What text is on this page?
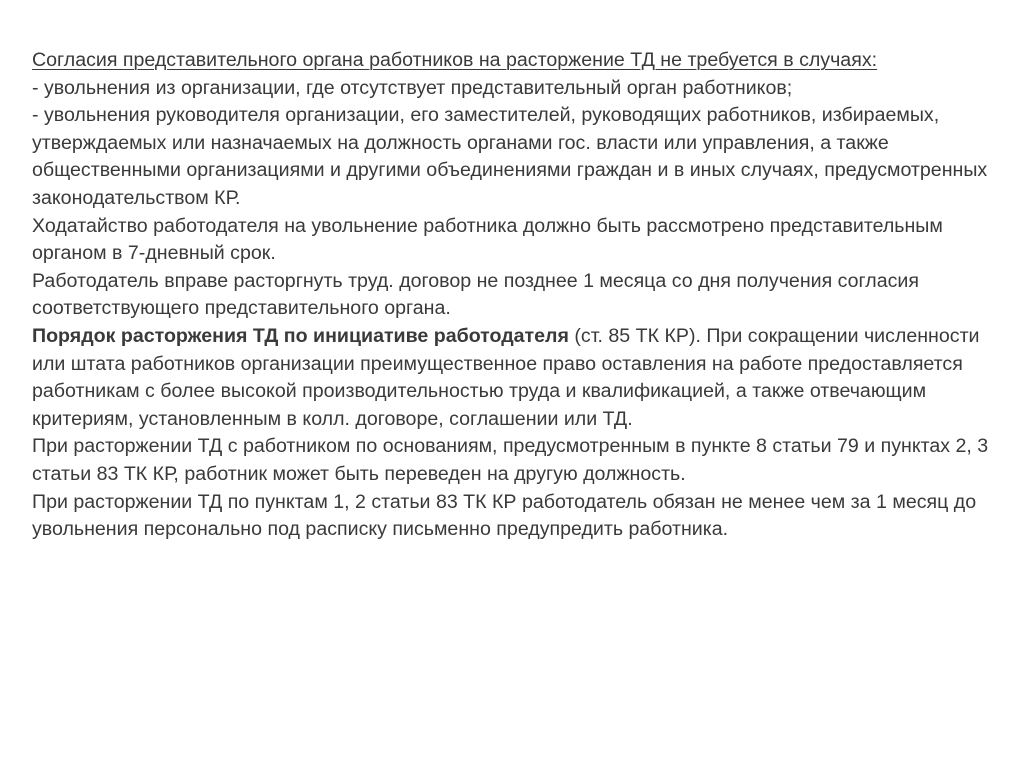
Согласия представительного органа работников на расторжение ТД не требуется в случаях:

- увольнения из организации, где отсутствует представительный орган работников;

- увольнения руководителя организации, его заместителей, руководящих работников, избираемых, утверждаемых или назначаемых на должность органами гос. власти или управления, а также общественными организациями и другими объединениями граждан и в иных случаях, предусмотренных законодательством КР.

Ходатайство работодателя на увольнение работника должно быть рассмотрено представительным органом в 7-дневный срок.

Работодатель вправе расторгнуть труд. договор не позднее 1 месяца со дня получения согласия соответствующего представительного органа.

Порядок расторжения ТД по инициативе работодателя (ст. 85 ТК КР). При сокращении численности или штата работников организации преимущественное право оставления на работе предоставляется работникам с более высокой производительностью труда и квалификацией, а также отвечающим критериям, установленным в колл. договоре, соглашении или ТД.

При расторжении ТД с работником по основаниям, предусмотренным в пункте 8 статьи 79 и пунктах 2, 3 статьи 83 ТК КР, работник может быть переведен на другую должность.

При расторжении ТД по пунктам 1, 2 статьи 83 ТК КР работодатель обязан не менее чем за 1 месяц до увольнения персонально под расписку письменно предупредить работника.
